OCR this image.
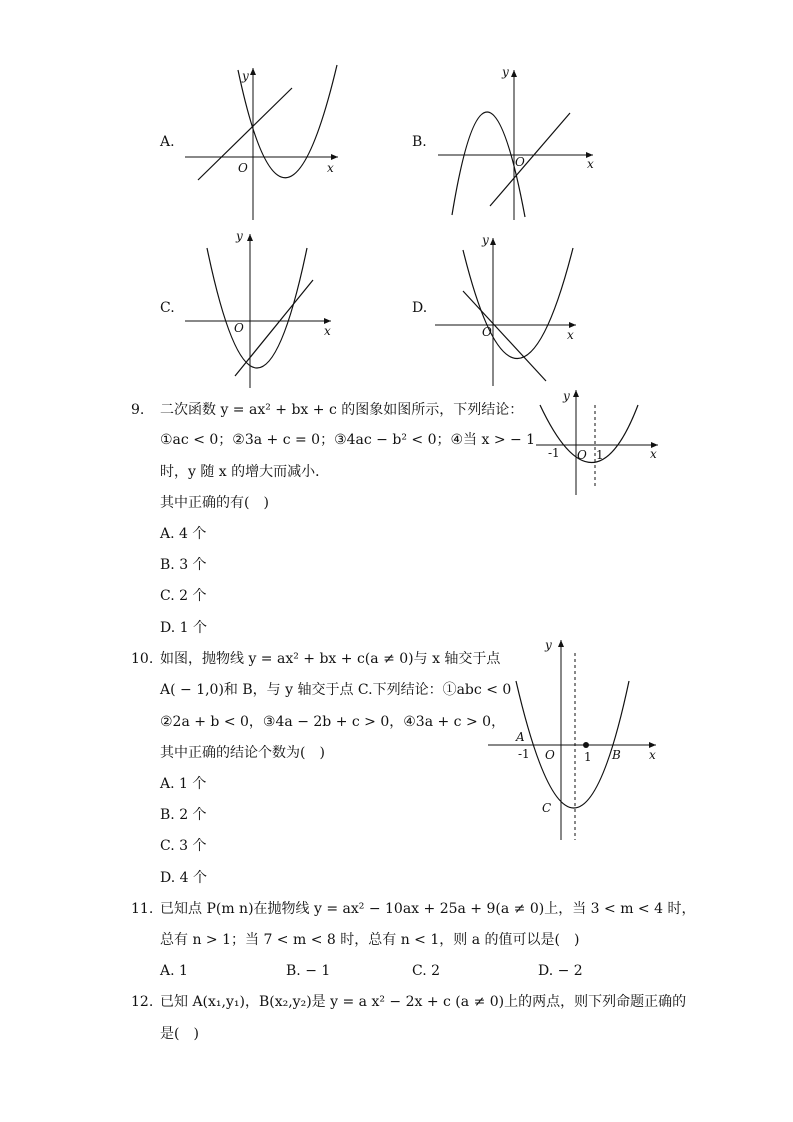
A.
y
x
O
B.
y
x
O
C.
y
x
O
D.
y
x
O
9. 二次函数 y = ax² + bx + c 的图象如图所示，下列结论：
①ac < 0；②3a + c = 0；③4ac − b² < 0；④当 x > − 1
时，y 随 x 的增大而减小．
其中正确的有(　)
A. 4 个
B. 3 个
C. 2 个
D. 1 个
y
x
O
-1	1
10. 如图，抛物线 y = ax² + bx + c(a ≠ 0)与 x 轴交于点
A( − 1,0)和 B，与 y 轴交于点 C.下列结论：①abc < 0
②2a + b < 0，③4a − 2b + c > 0，④3a + c > 0，
其中正确的结论个数为(　)
A. 1 个
B. 2 个
C. 3 个
D. 4 个
y
x
O
A
-1	1 B
C
11. 已知点 P(m n)在抛物线 y = ax² − 10ax + 25a + 9(a ≠ 0)上，当 3 < m < 4 时，
总有 n > 1；当 7 < m < 8 时，总有 n < 1，则 a 的值可以是(　)
A. 1	B. − 1	C. 2	D. − 2
12. 已知 A(x₁,y₁)，B(x₂,y₂)是 y = a x² − 2x + c (a ≠ 0)上的两点，则下列命题正确的
是(　)
